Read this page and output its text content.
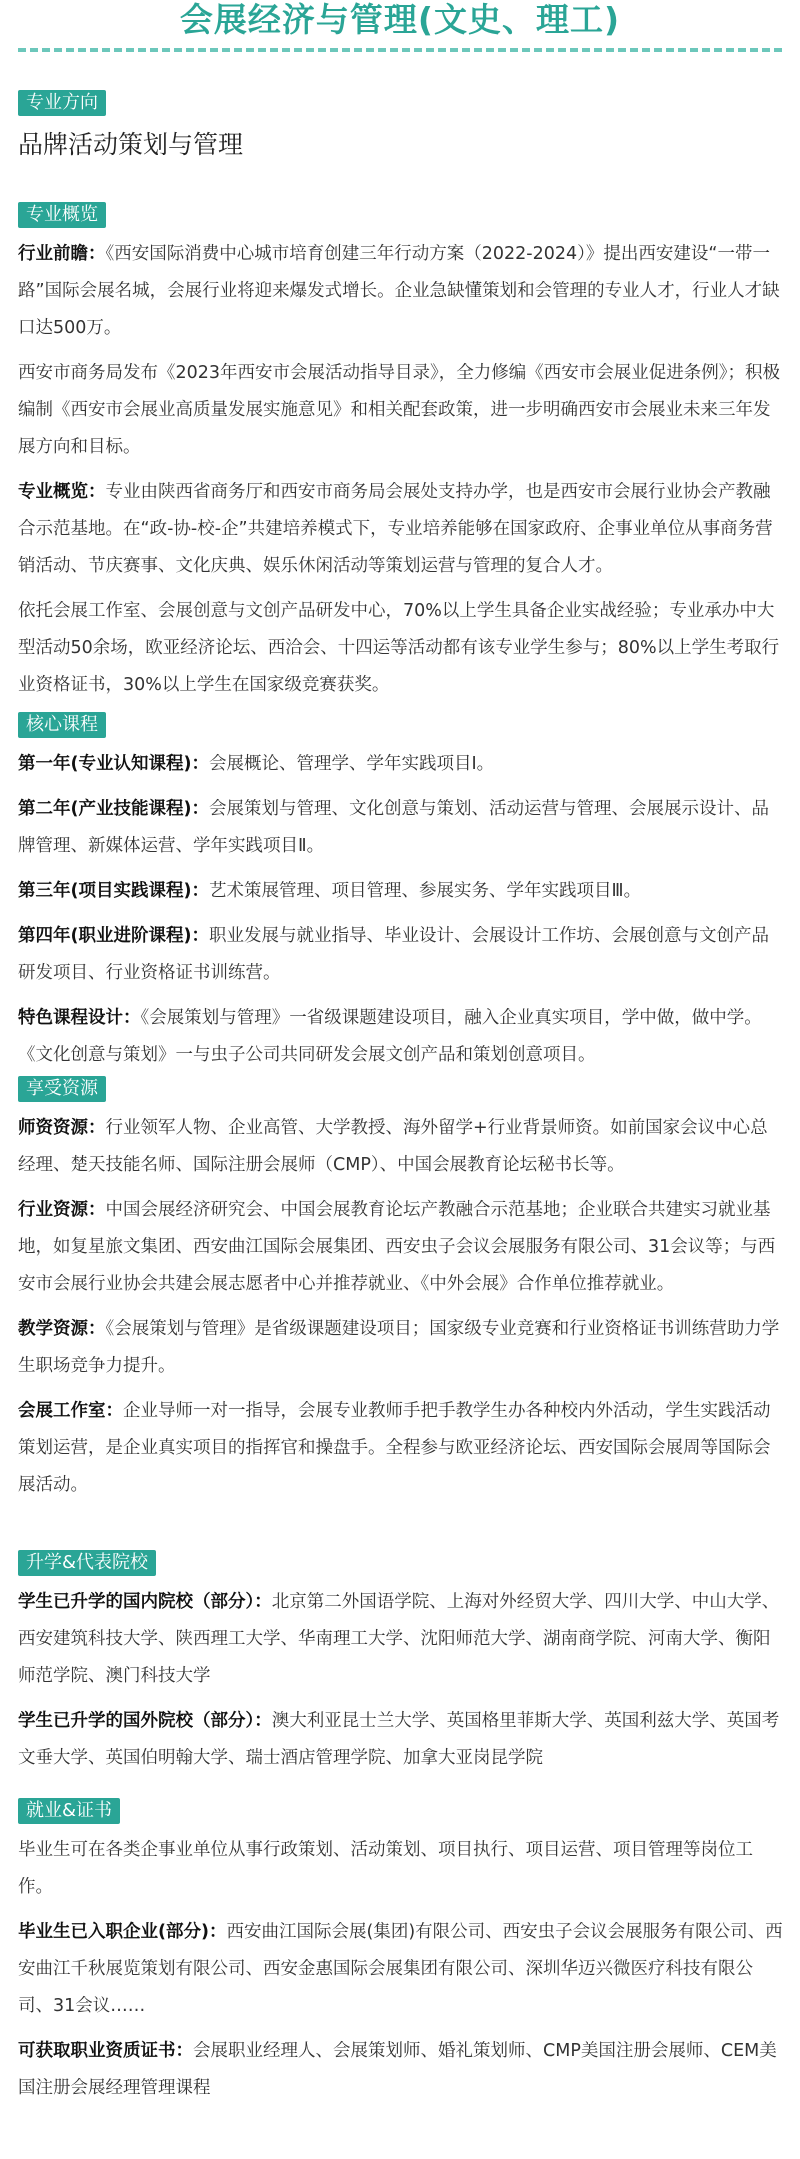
会展经济与管理(文史、理工)
专业方向
品牌活动策划与管理
专业概览

行业前瞻：《西安国际消费中心城市培育创建三年行动方案（2022-2024）》提出西安建设“一带一路”国际会展名城，会展行业将迎来爆发式增长。企业急缺懂策划和会管理的专业人才，行业人才缺口达500万。

西安市商务局发布《2023年西安市会展活动指导目录》，全力修编《西安市会展业促进条例》；积极编制《西安市会展业高质量发展实施意见》和相关配套政策，进一步明确西安市会展业未来三年发展方向和目标。

专业概览：专业由陕西省商务厅和西安市商务局会展处支持办学，也是西安市会展行业协会产教融合示范基地。在“政-协-校-企”共建培养模式下，专业培养能够在国家政府、企事业单位从事商务营销活动、节庆赛事、文化庆典、娱乐休闲活动等策划运营与管理的复合人才。

依托会展工作室、会展创意与文创产品研发中心，70%以上学生具备企业实战经验；专业承办中大型活动50余场，欧亚经济论坛、西洽会、十四运等活动都有该专业学生参与；80%以上学生考取行业资格证书，30%以上学生在国家级竞赛获奖。

核心课程

第一年(专业认知课程)：会展概论、管理学、学年实践项目Ⅰ。

第二年(产业技能课程)：会展策划与管理、文化创意与策划、活动运营与管理、会展展示设计、品牌管理、新媒体运营、学年实践项目Ⅱ。

第三年(项目实践课程)：艺术策展管理、项目管理、参展实务、学年实践项目Ⅲ。

第四年(职业进阶课程)：职业发展与就业指导、毕业设计、会展设计工作坊、会展创意与文创产品研发项目、行业资格证书训练营。

特色课程设计：《会展策划与管理》一省级课题建设项目，融入企业真实项目，学中做，做中学。《文化创意与策划》一与虫子公司共同研发会展文创产品和策划创意项目。

享受资源

师资资源：行业领军人物、企业高管、大学教授、海外留学+行业背景师资。如前国家会议中心总经理、楚天技能名师、国际注册会展师（CMP）、中国会展教育论坛秘书长等。

行业资源：中国会展经济研究会、中国会展教育论坛产教融合示范基地；企业联合共建实习就业基地，如复星旅文集团、西安曲江国际会展集团、西安虫子会议会展服务有限公司、31会议等；与西安市会展行业协会共建会展志愿者中心并推荐就业、《中外会展》合作单位推荐就业。

教学资源：《会展策划与管理》是省级课题建设项目；国家级专业竞赛和行业资格证书训练营助力学生职场竞争力提升。

会展工作室：企业导师一对一指导，会展专业教师手把手教学生办各种校内外活动，学生实践活动策划运营，是企业真实项目的指挥官和操盘手。全程参与欧亚经济论坛、西安国际会展周等国际会展活动。

升学&代表院校

学生已升学的国内院校（部分）：北京第二外国语学院、上海对外经贸大学、四川大学、中山大学、西安建筑科技大学、陕西理工大学、华南理工大学、沈阳师范大学、湖南商学院、河南大学、衡阳师范学院、澳门科技大学

学生已升学的国外院校（部分）：澳大利亚昆士兰大学、英国格里菲斯大学、英国利兹大学、英国考文垂大学、英国伯明翰大学、瑞士酒店管理学院、加拿大亚岗昆学院

就业&证书

毕业生可在各类企事业单位从事行政策划、活动策划、项目执行、项目运营、项目管理等岗位工作。

毕业生已入职企业(部分)：西安曲江国际会展(集团)有限公司、西安虫子会议会展服务有限公司、西安曲江千秋展览策划有限公司、西安金惠国际会展集团有限公司、深圳华迈兴微医疗科技有限公司、31会议……

可获取职业资质证书：会展职业经理人、会展策划师、婚礼策划师、CMP美国注册会展师、CEM美国注册会展经理管理课程
